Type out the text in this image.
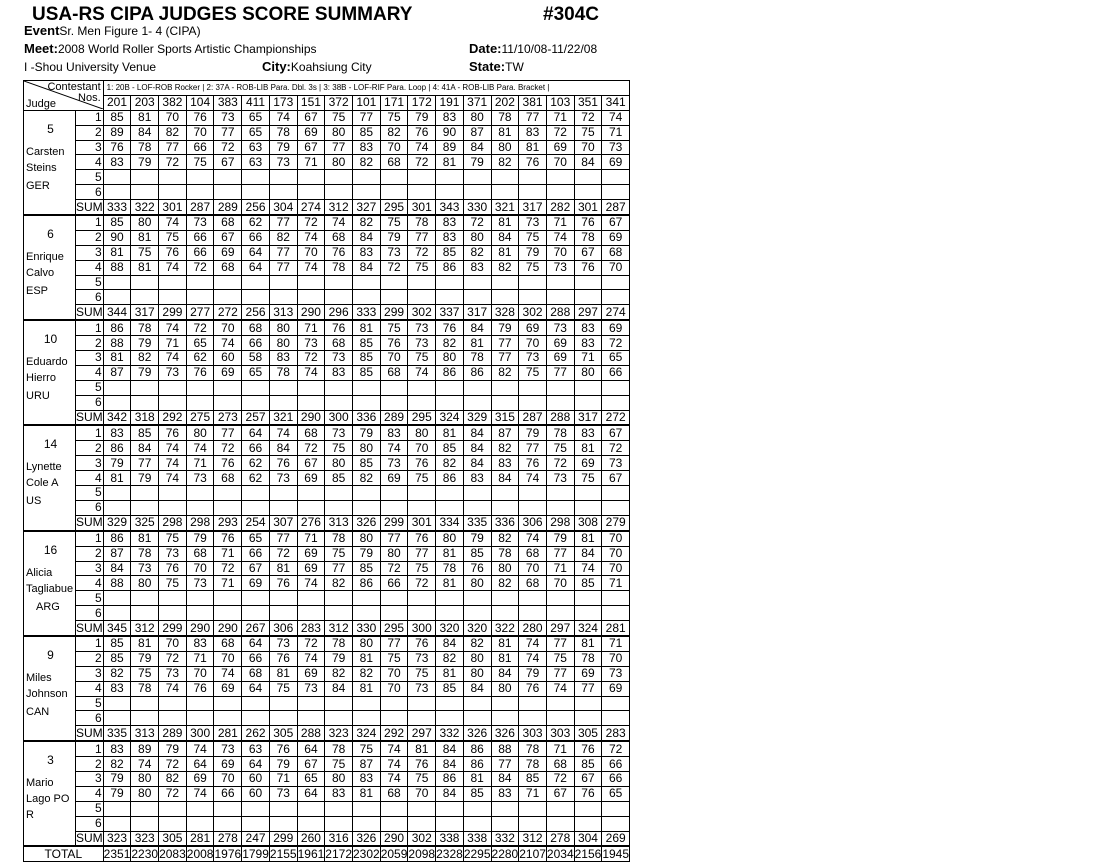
USA-RS CIPA JUDGES SCORE SUMMARY	#304C
EventSr. Men Figure 1- 4 (CIPA)
Meet:2008 World Roller Sports Artistic Championships	Date:11/10/08-11/22/08
I -Shou University Venue	City:Koahsiung City	State:TW
Contestant
Nos.
Judge		1: 20B - LOF-ROB Rocker | 2: 37A - ROB-LIB Para. Dbl. 3s | 3: 38B - LOF-RIF Para. Loop | 4: 41A - ROB-LIB Para. Bracket |																		
		201	203	382	104	383	411	173	151	372	101	171	172	191	371	202	381	103	351	341

5
Carsten
Steins
GER	1	85	81	70	76	73	65	74	67	75	77	75	79	83	80	78	77	71	72	74
	2	89	84	82	70	77	65	78	69	80	85	82	76	90	87	81	83	72	75	71
	3	76	78	77	66	72	63	79	67	77	83	70	74	89	84	80	81	69	70	73
	4	83	79	72	75	67	63	73	71	80	82	68	72	81	79	82	76	70	84	69
	5																			
	6																			
	SUM	333	322	301	287	289	256	304	274	312	327	295	301	343	330	321	317	282	301	287

6
Enrique
Calvo
ESP	1	85	80	74	73	68	62	77	72	74	82	75	78	83	72	81	73	71	76	67
	2	90	81	75	66	67	66	82	74	68	84	79	77	83	80	84	75	74	78	69
	3	81	75	76	66	69	64	77	70	76	83	73	72	85	82	81	79	70	67	68
	4	88	81	74	72	68	64	77	74	78	84	72	75	86	83	82	75	73	76	70
	5																			
	6																			
	SUM	344	317	299	277	272	256	313	290	296	333	299	302	337	317	328	302	288	297	274

10
Eduardo
Hierro
URU	1	86	78	74	72	70	68	80	71	76	81	75	73	76	84	79	69	73	83	69
	2	88	79	71	65	74	66	80	73	68	85	76	73	82	81	77	70	69	83	72
	3	81	82	74	62	60	58	83	72	73	85	70	75	80	78	77	73	69	71	65
	4	87	79	73	76	69	65	78	74	83	85	68	74	86	86	82	75	77	80	66
	5																			
	6																			
	SUM	342	318	292	275	273	257	321	290	300	336	289	295	324	329	315	287	288	317	272

14
Lynette
Cole A
US	1	83	85	76	80	77	64	74	68	73	79	83	80	81	84	87	79	78	83	67
	2	86	84	74	74	72	66	84	72	75	80	74	70	85	84	82	77	75	81	72
	3	79	77	74	71	76	62	76	67	80	85	73	76	82	84	83	76	72	69	73
	4	81	79	74	73	68	62	73	69	85	82	69	75	86	83	84	74	73	75	67
	5																			
	6																			
	SUM	329	325	298	298	293	254	307	276	313	326	299	301	334	335	336	306	298	308	279

16
Alicia
Tagliabue
ARG	1	86	81	75	79	76	65	77	71	78	80	77	76	80	79	82	74	79	81	70
	2	87	78	73	68	71	66	72	69	75	79	80	77	81	85	78	68	77	84	70
	3	84	73	76	70	72	67	81	69	77	85	72	75	78	76	80	70	71	74	70
	4	88	80	75	73	71	69	76	74	82	86	66	72	81	80	82	68	70	85	71
	5																			
	6																			
	SUM	345	312	299	290	290	267	306	283	312	330	295	300	320	320	322	280	297	324	281

9
Miles
Johnson
CAN	1	85	81	70	83	68	64	73	72	78	80	77	76	84	82	81	74	77	81	71
	2	85	79	72	71	70	66	76	74	79	81	75	73	82	80	81	74	75	78	70
	3	82	75	73	70	74	68	81	69	82	82	70	75	81	80	84	79	77	69	73
	4	83	78	74	76	69	64	75	73	84	81	70	73	85	84	80	76	74	77	69
	5																			
	6																			
	SUM	335	313	289	300	281	262	305	288	323	324	292	297	332	326	326	303	303	305	283

3
Mario
Lago PO
R	1	83	89	79	74	73	63	76	64	78	75	74	81	84	86	88	78	71	76	72
	2	82	74	72	64	69	64	79	67	75	87	74	76	84	86	77	78	68	85	66
	3	79	80	82	69	70	60	71	65	80	83	74	75	86	81	84	85	72	67	66
	4	79	80	72	74	66	60	73	64	83	81	68	70	84	85	83	71	67	76	65
	5																			
	6																			
	SUM	323	323	305	281	278	247	299	260	316	326	290	302	338	338	332	312	278	304	269
TOTAL		2351	2230	2083	2008	1976	1799	2155	1961	2172	2302	2059	2098	2328	2295	2280	2107	2034	2156	1945
